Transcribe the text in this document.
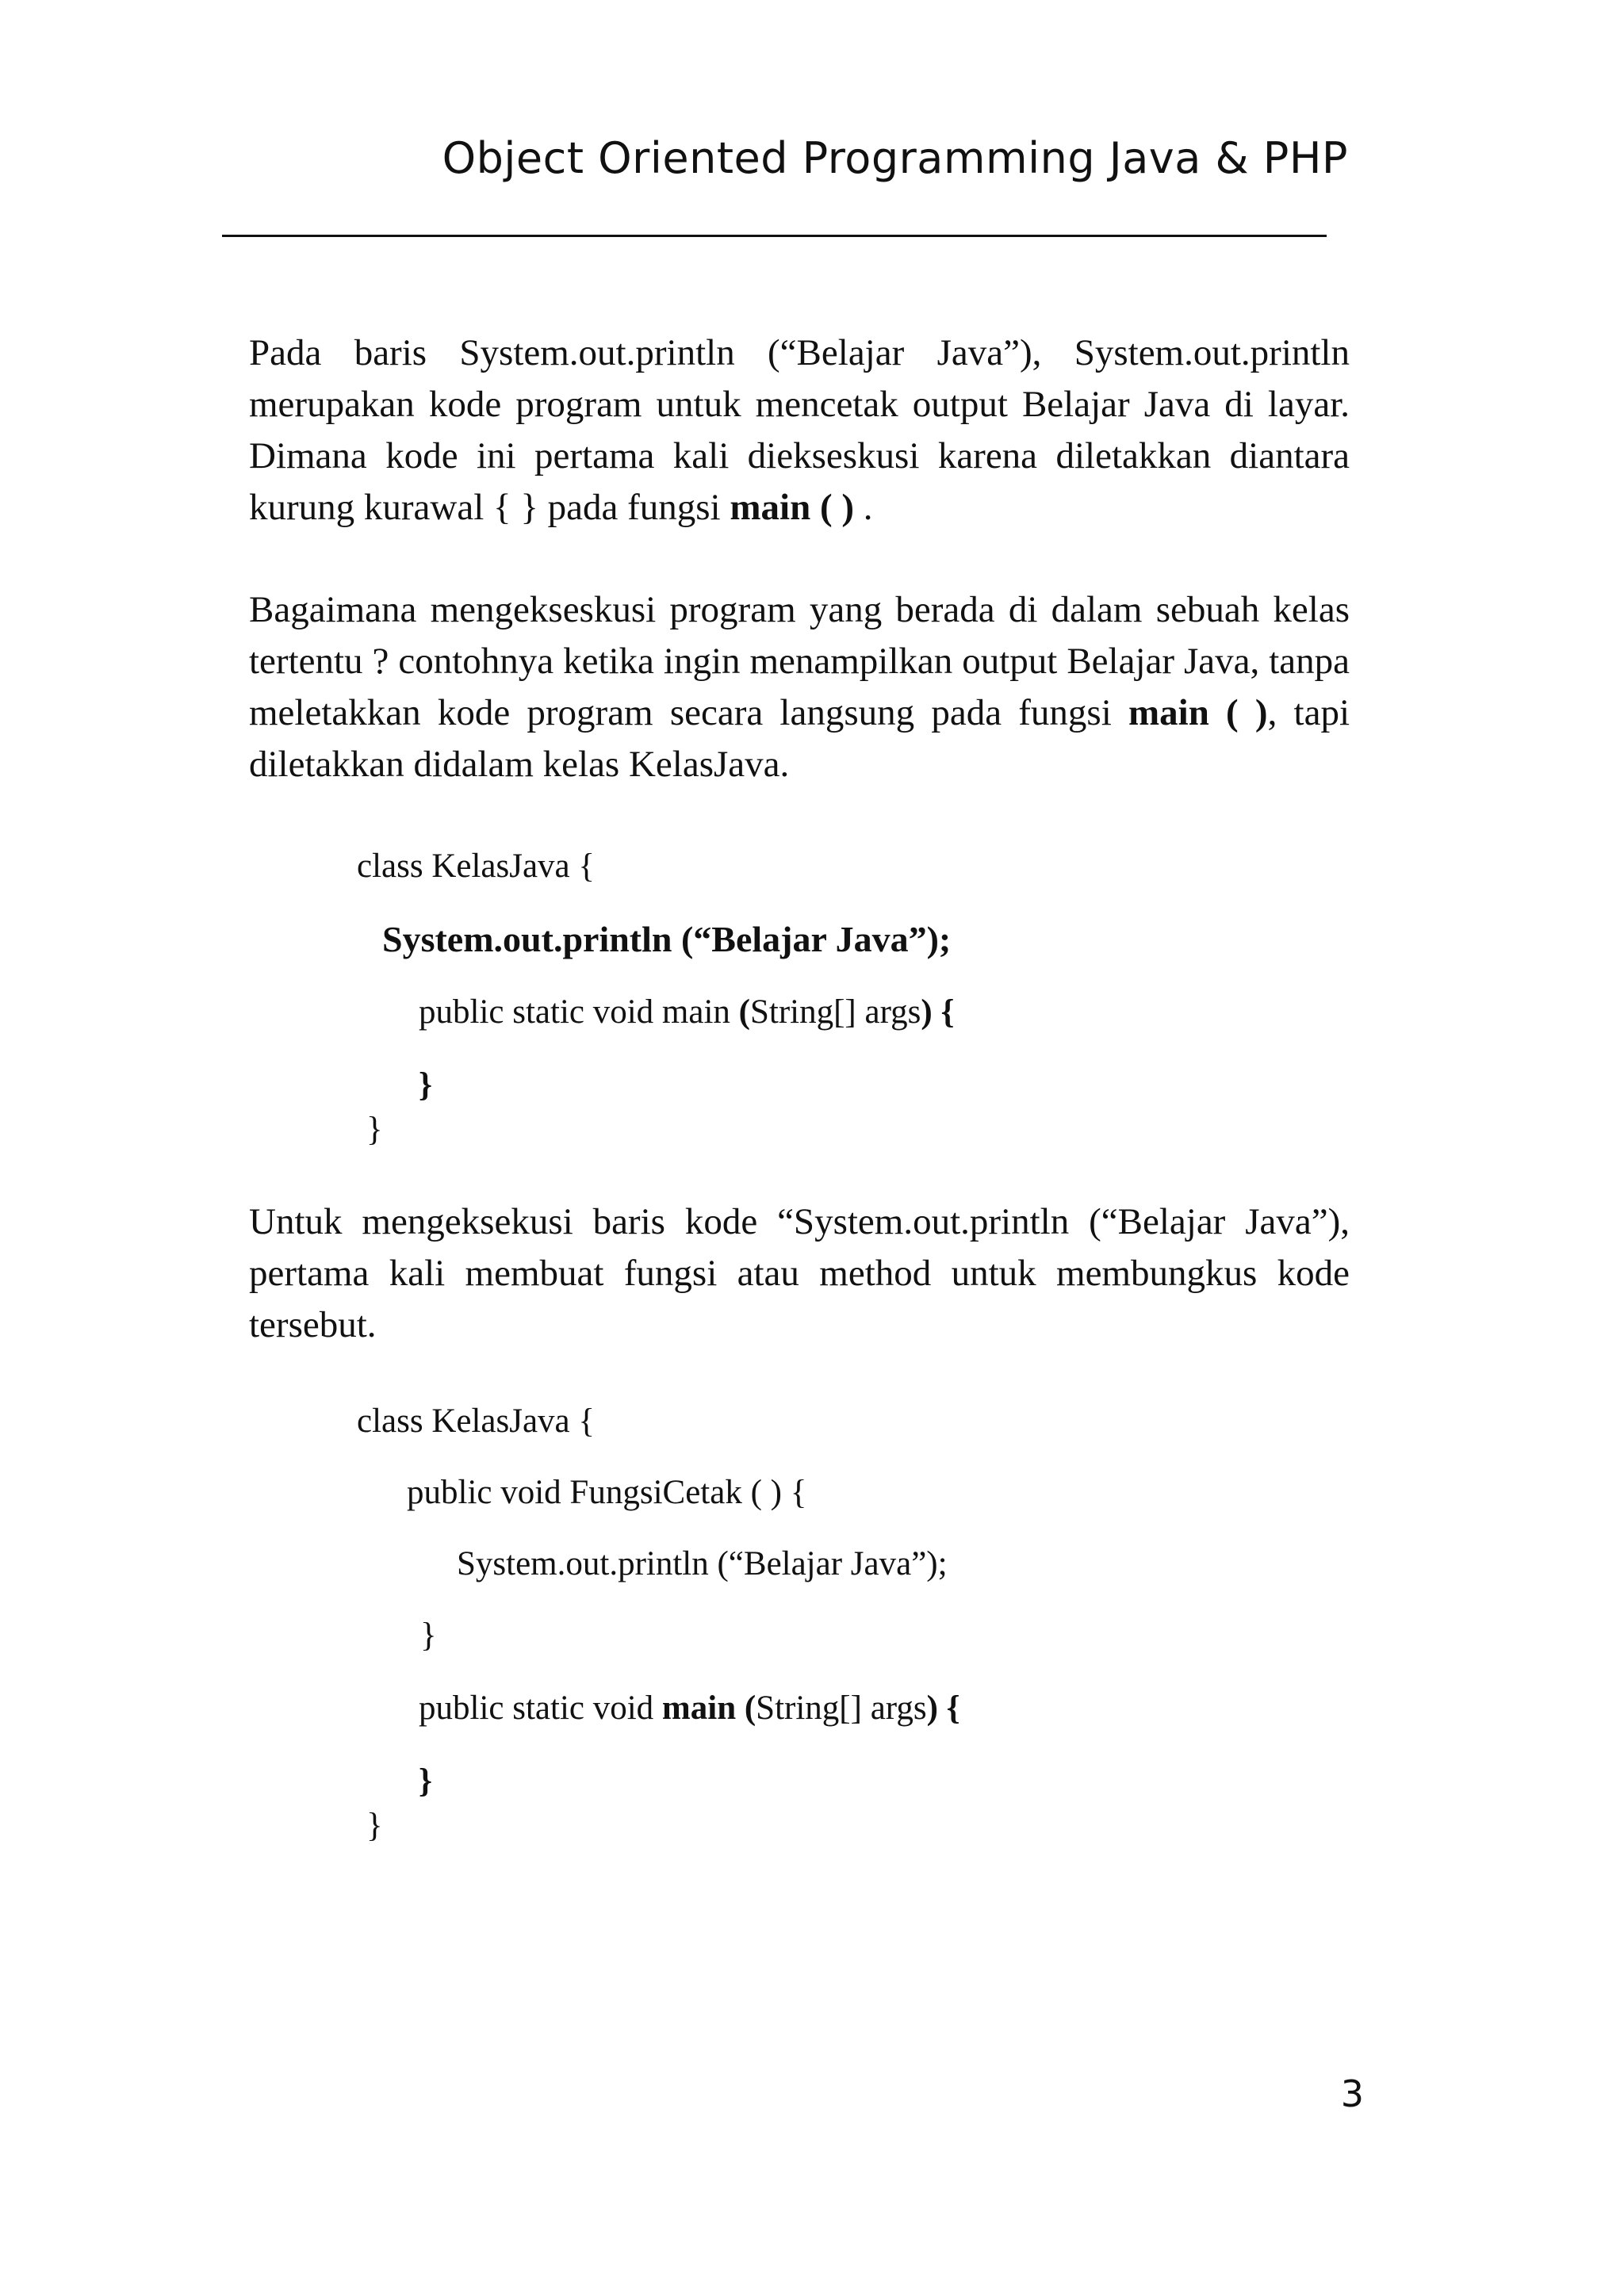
Object Oriented Programming Java & PHP

Pada baris System.out.println (“Belajar Java”), System.out.println merupakan kode program untuk mencetak output Belajar Java di layar. Dimana kode ini pertama kali diekseskusi karena diletakkan diantara kurung kurawal { } pada fungsi main ( ) .

Bagaimana mengekseskusi program yang berada di dalam sebuah kelas tertentu ? contohnya ketika ingin menampilkan output Belajar Java, tanpa meletakkan kode program secara langsung pada fungsi main ( ), tapi diletakkan didalam kelas KelasJava.

class KelasJava {
System.out.println (“Belajar Java”);
public static void main (String[] args) {
}
}

Untuk mengeksekusi baris kode “System.out.println (“Belajar Java”), pertama kali membuat fungsi atau method untuk membungkus kode tersebut.

class KelasJava {
public void FungsiCetak ( ) {
System.out.println (“Belajar Java”);
}
public static void main (String[] args) {
}
}
3
